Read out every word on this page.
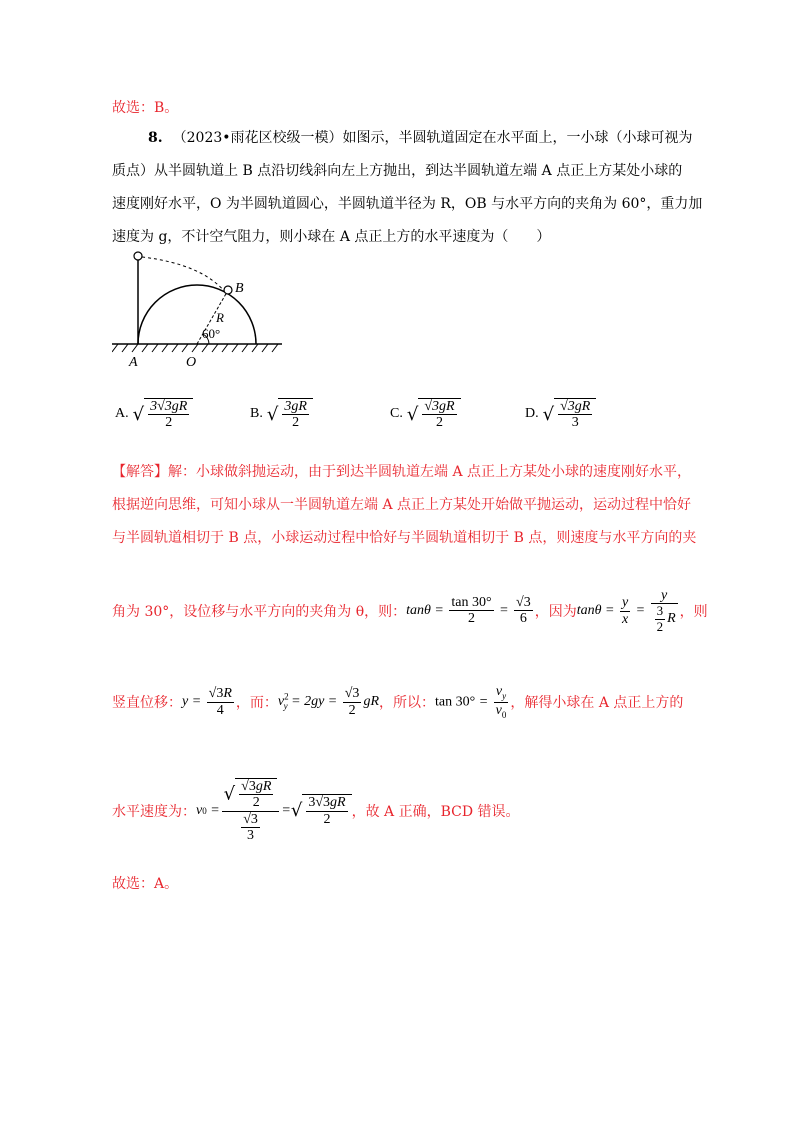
故选：B。
8. （2023•雨花区校级一模）如图示，半圆轨道固定在水平面上，一小球（小球可视为
质点）从半圆轨道上 B 点沿切线斜向左上方抛出，到达半圆轨道左端 A 点正上方某处小球的
速度刚好水平，O 为半圆轨道圆心，半圆轨道半径为 R，OB 与水平方向的夹角为 60°，重力加
速度为 g，不计空气阻力，则小球在 A 点正上方的水平速度为（　　）
B
R
60°
A	O
A. √ $\frac{3√3gR}{2}$	B. √ $\frac{3gR}{2}$	C. √ $\frac{√3gR}{2}$	D. √ $\frac{√3gR}{3}$
【解答】解：小球做斜抛运动，由于到达半圆轨道左端 A 点正上方某处小球的速度刚好水平，
根据逆向思维，可知小球从一半圆轨道左端 A 点正上方某处开始做平抛运动，运动过程中恰好
与半圆轨道相切于 B 点，小球运动过程中恰好与半圆轨道相切于 B 点，则速度与水平方向的夹
角为 30°，设位移与水平方向的夹角为 θ，则： $\tan\theta = \frac{\tan 30^\circ}{2} = \frac{√3}{6}$ ，因为 $\tan\theta = \frac{y}{x} = \frac{y}{\frac{3}{2} R}$ ，则
竖直位移： $y = \frac{√3R}{4}$ ，而： $v^2_y = 2gy = \frac{√3}{2}$ gR ，所以： $\tan 30^\circ = \frac{v_y}{v_0}$ ，解得小球在 A 点正上方的
水平速度为： v $0 = \frac{√ \frac{√3gR}{2}}{\frac{√3}{3}}$ = √ $\frac{3√3gR}{2}$ ，故 A 正确，BCD 错误。
故选：A。
